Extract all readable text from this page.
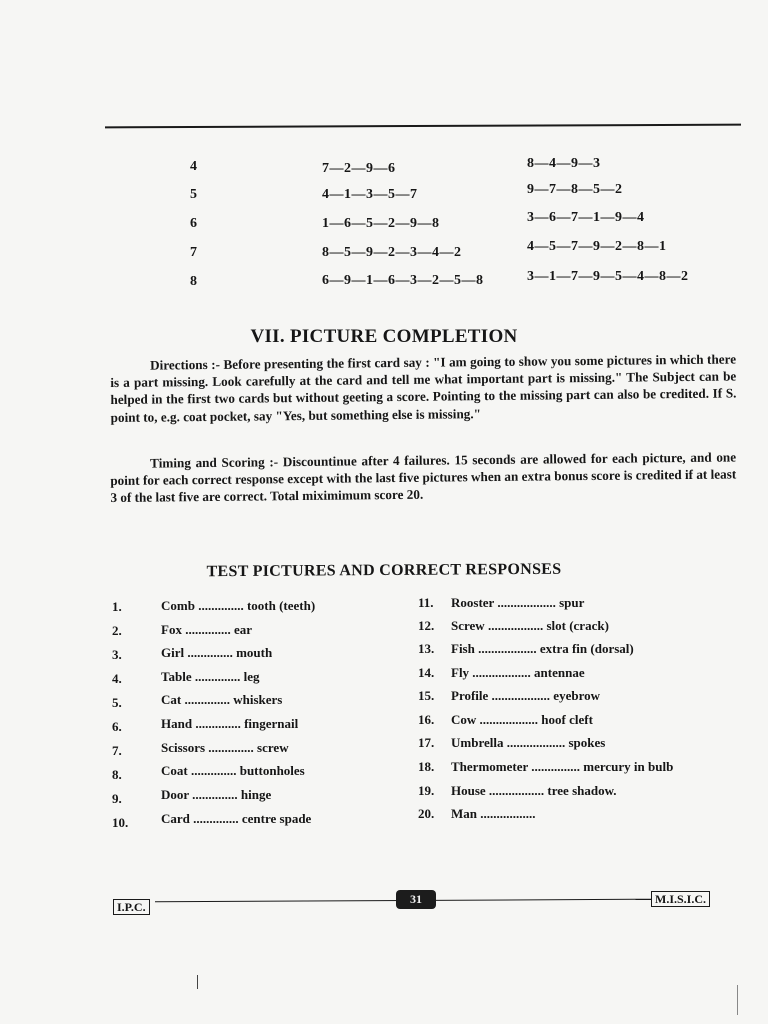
4	7—2—9—6	8—4—9—3
5	4—1—3—5—7	9—7—8—5—2
6	1—6—5—2—9—8	3—6—7—1—9—4
7	8—5—9—2—3—4—2	4—5—7—9—2—8—1
8	6—9—1—6—3—2—5—8	3—1—7—9—5—4—8—2
VII. PICTURE COMPLETION
Directions :- Before presenting the first card say : "I am going to show you some pictures in which there is a part missing. Look carefully at the card and tell me what important part is missing." The Subject can be helped in the first two cards but without geeting a score. Pointing to the missing part can also be credited. If S. point to, e.g. coat pocket, say "Yes, but something else is missing."
Timing and Scoring :- Discountinue after 4 failures. 15 seconds are allowed for each picture, and one point for each correct response except with the last five pictures when an extra bonus score is credited if at least 3 of the last five are correct. Total miximimum score 20.
TEST PICTURES AND CORRECT RESPONSES
1.	Comb .............. tooth (teeth)
2.	Fox .............. ear
3.	Girl .............. mouth
4.	Table .............. leg
5.	Cat .............. whiskers
6.	Hand .............. fingernail
7.	Scissors .............. screw
8.	Coat .............. buttonholes
9.	Door .............. hinge
10.	Card .............. centre spade
11. Rooster .................. spur
12. Screw ................. slot (crack)
13. Fish .................. extra fin (dorsal)
14. Fly .................. antennae
15. Profile .................. eyebrow
16. Cow .................. hoof cleft
17. Umbrella .................. spokes
18. Thermometer ............... mercury in bulb
19. House ................. tree shadow.
20. Man .................
I.P.C.
31	M.I.S.I.C.
